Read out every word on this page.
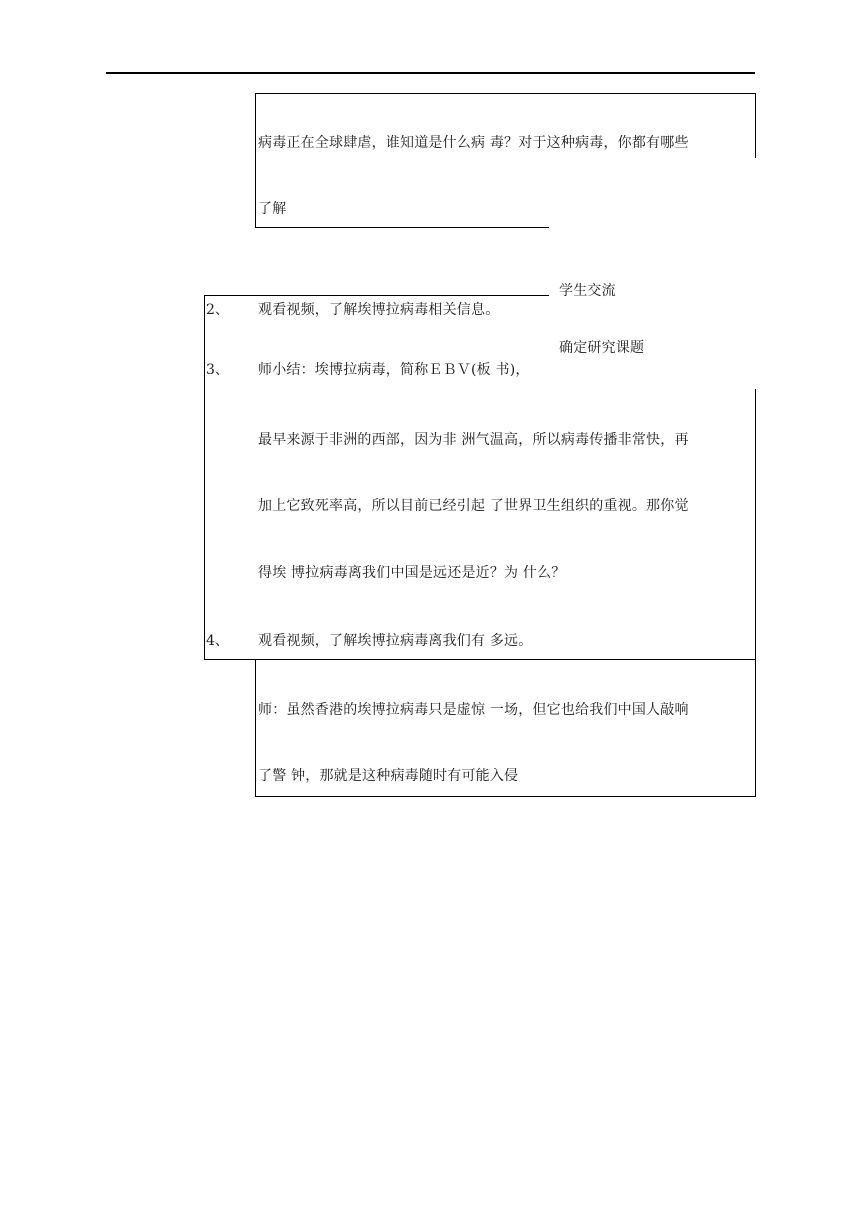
病毒正在全球肆虐，谁知道是什么病 毒？对于这种病毒，你都有哪些
了解
学生交流
确定研究课题
2、 观看视频，了解埃博拉病毒相关信息。
3、 师小结：埃博拉病毒，简称ＥＢＶ(板 书)，
最早来源于非洲的西部，因为非 洲气温高，所以病毒传播非常快，再
加上它致死率高，所以目前已经引起 了世界卫生组织的重视。那你觉
得埃 博拉病毒离我们中国是远还是近？为 什么？
4、 观看视频，了解埃博拉病毒离我们有 多远。
师：虽然香港的埃博拉病毒只是虚惊 一场，但它也给我们中国人敲响
了警 钟，那就是这种病毒随时有可能入侵
